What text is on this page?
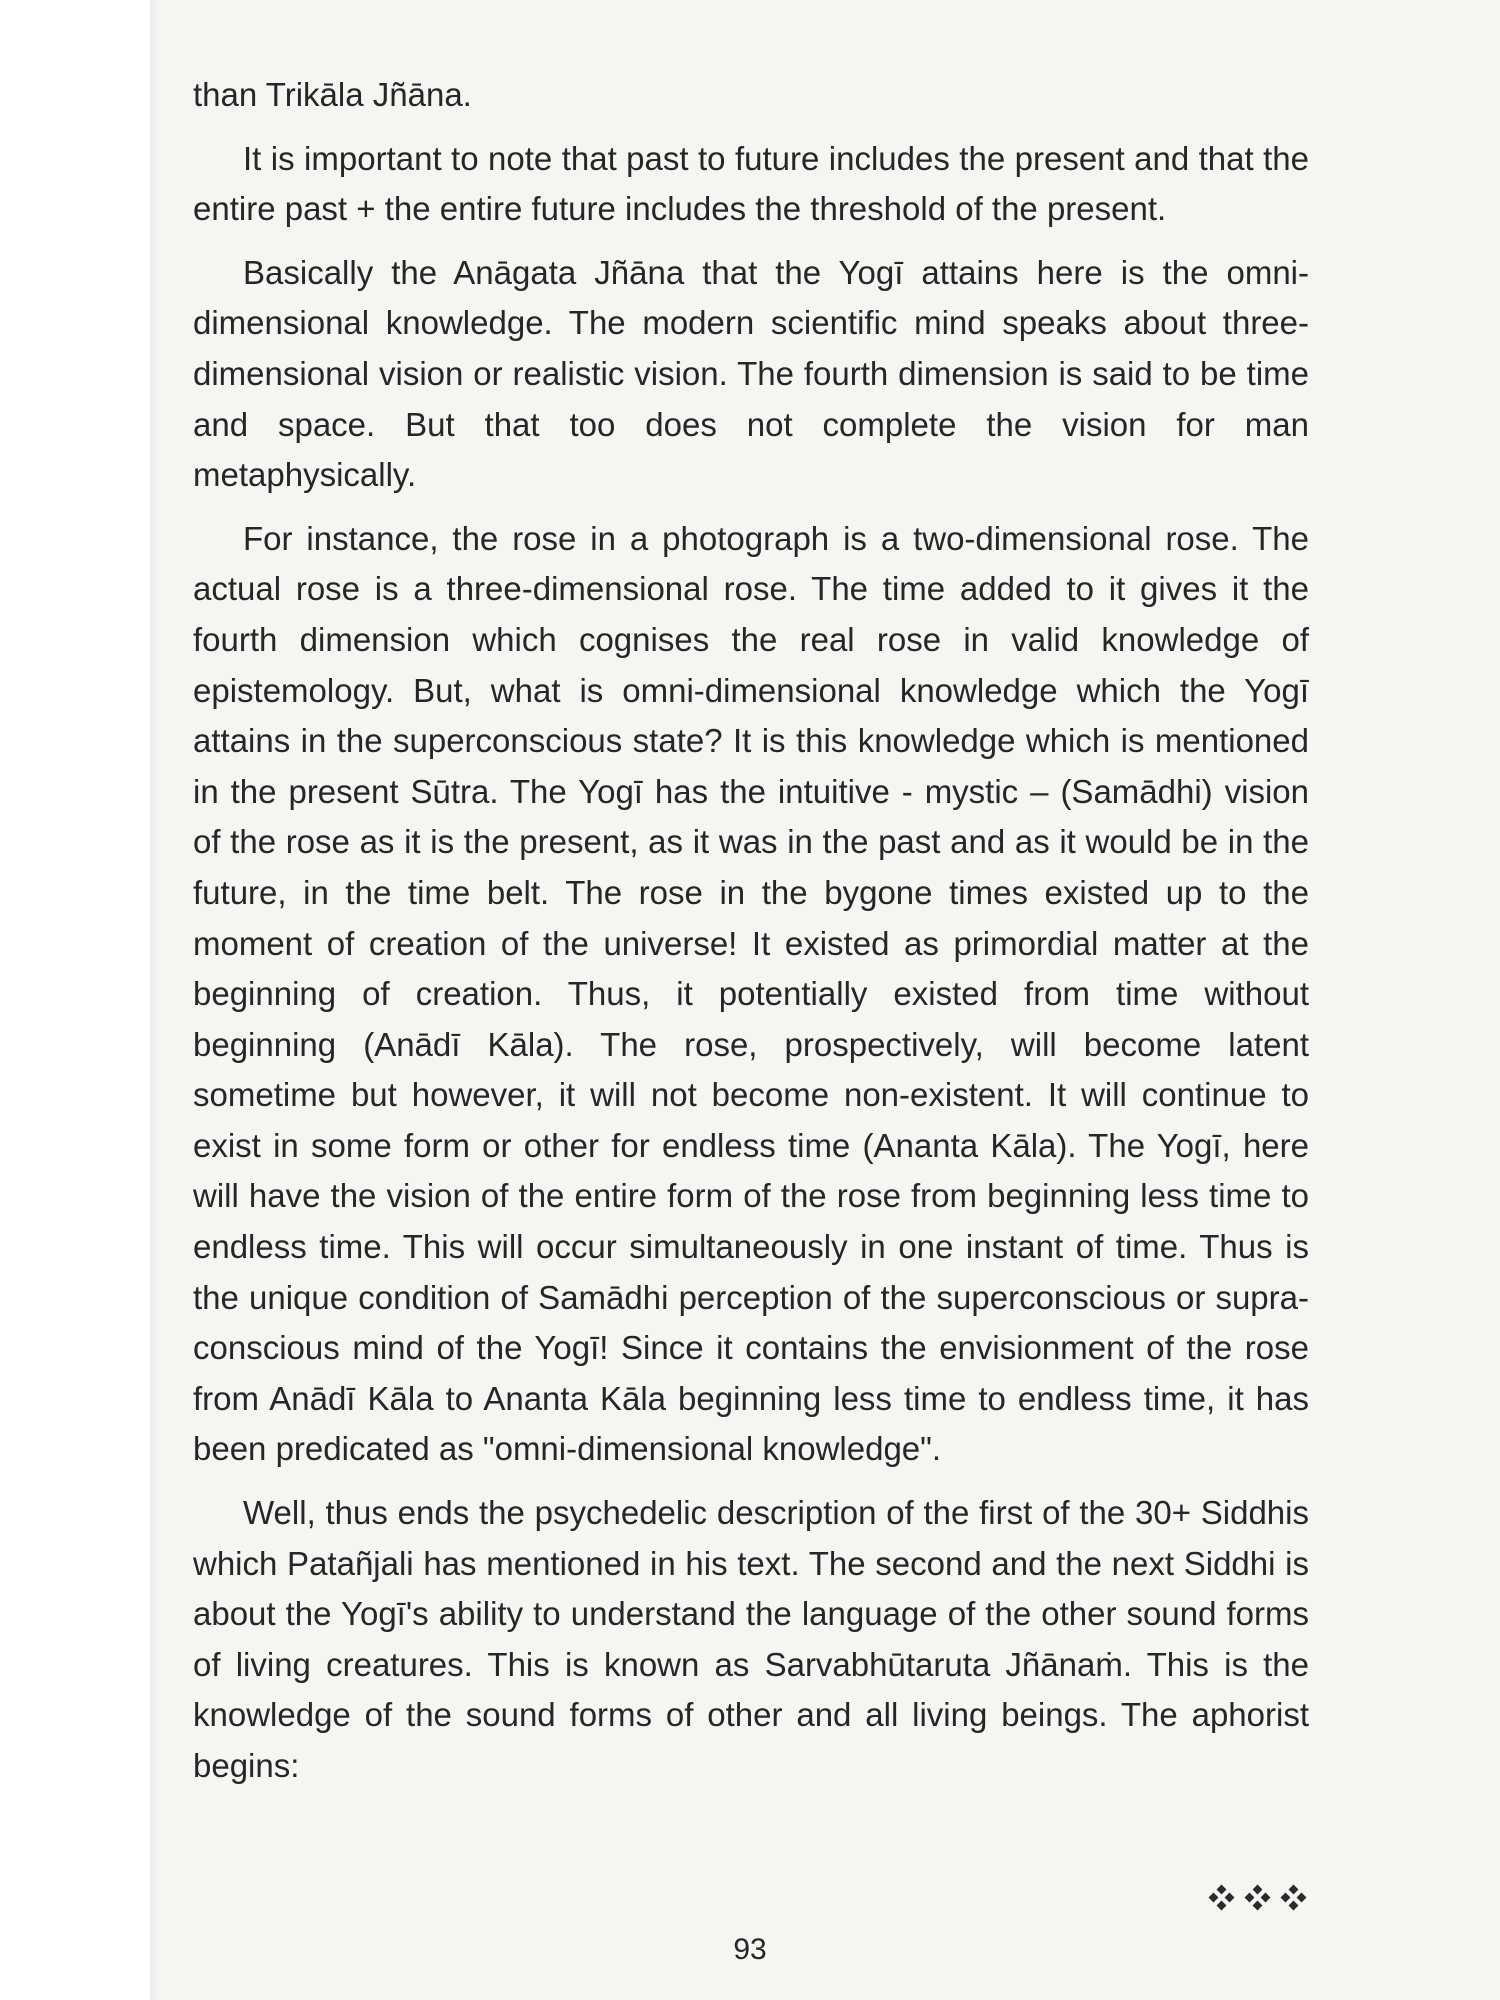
than Trikāla Jñāna.

It is important to note that past to future includes the present and that the entire past + the entire future includes the threshold of the present.

Basically the Anāgata Jñāna that the Yogī attains here is the omni-dimensional knowledge. The modern scientific mind speaks about three-dimensional vision or realistic vision. The fourth dimension is said to be time and space. But that too does not complete the vision for man metaphysically.

For instance, the rose in a photograph is a two-dimensional rose. The actual rose is a three-dimensional rose. The time added to it gives it the fourth dimension which cognises the real rose in valid knowledge of epistemology. But, what is omni-dimensional knowledge which the Yogī attains in the superconscious state? It is this knowledge which is mentioned in the present Sūtra. The Yogī has the intuitive - mystic – (Samādhi) vision of the rose as it is the present, as it was in the past and as it would be in the future, in the time belt. The rose in the bygone times existed up to the moment of creation of the universe! It existed as primordial matter at the beginning of creation. Thus, it potentially existed from time without beginning (Anādī Kāla). The rose, prospectively, will become latent sometime but however, it will not become non-existent. It will continue to exist in some form or other for endless time (Ananta Kāla). The Yogī, here will have the vision of the entire form of the rose from beginning less time to endless time. This will occur simultaneously in one instant of time. Thus is the unique condition of Samādhi perception of the superconscious or supra-conscious mind of the Yogī! Since it contains the envisionment of the rose from Anādī Kāla to Ananta Kāla beginning less time to endless time, it has been predicated as "omni-dimensional knowledge".

Well, thus ends the psychedelic description of the first of the 30+ Siddhis which Patañjali has mentioned in his text. The second and the next Siddhi is about the Yogī's ability to understand the language of the other sound forms of living creatures. This is known as Sarvabhūtaruta Jñānaṁ. This is the knowledge of the sound forms of other and all living beings. The aphorist begins:

93
